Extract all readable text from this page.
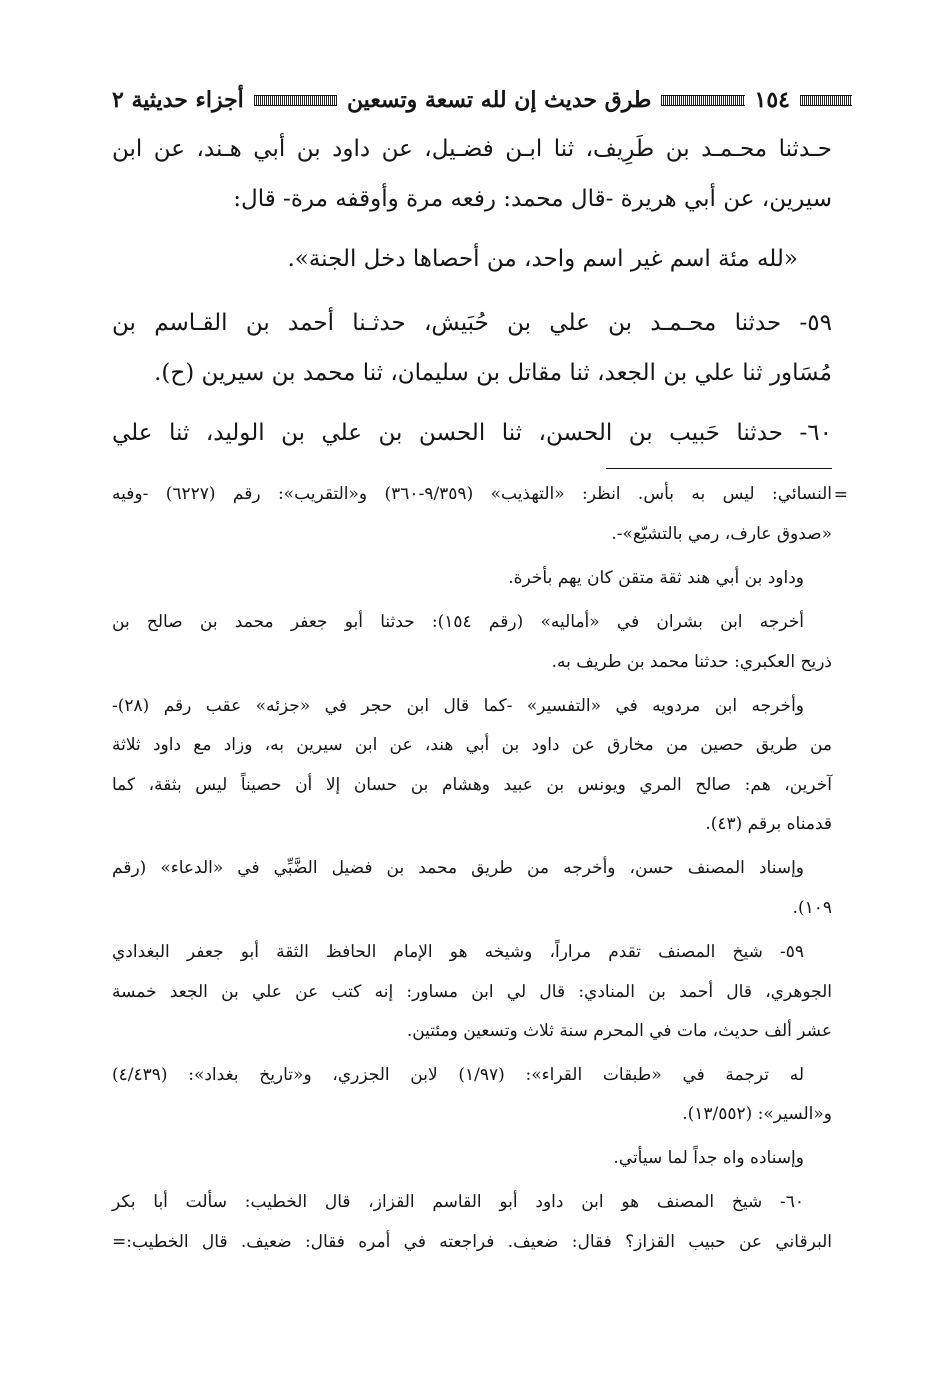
١٥٤
طرق حديث إن لله تسعة وتسعين
أجزاء حديثية ٢
حـدثنا محـمـد بن طَرِيف، ثنا ابـن فضـيل، عن داود بن أبي هـند، عن ابن
سيرين، عن أبي هريرة -قال محمد: رفعه مرة وأوقفه مرة- قال:
«لله مئة اسم غير اسم واحد، من أحصاها دخل الجنة».
٥٩- حدثنا محـمـد بن علي بن حُبَيش، حدثـنا أحمد بن القـاسم بن
مُسَاور ثنا علي بن الجعد، ثنا مقاتل بن سليمان، ثنا محمد بن سيرين (ح).
٦٠- حدثنا حَبيب بن الحسن، ثنا الحسن بن علي بن الوليد، ثنا علي
=
النسائي: ليس به بأس. انظر: «التهذيب» (٩/٣٥٩-٣٦٠) و«التقريب»: رقم (٦٢٢٧) -وفيه
«صدوق عارف، رمي بالتشيّع»-.
وداود بن أبي هند ثقة متقن كان يهم بأخرة.
أخرجه ابن بشران في «أماليه» (رقم ١٥٤): حدثنا أبو جعفر محمد بن صالح بن
ذريح العكبري: حدثنا محمد بن طريف به.
وأخرجه ابن مردويه في «التفسير» -كما قال ابن حجر في «جزئه» عقب رقم (٢٨)-
من طريق حصين من مخارق عن داود بن أبي هند، عن ابن سيرين به، وزاد مع داود ثلاثة
آخرين، هم: صالح المري ويونس بن عبيد وهشام بن حسان إلا أن حصيناً ليس بثقة، كما
قدمناه برقم (٤٣).
وإسناد المصنف حسن، وأخرجه من طريق محمد بن فضيل الضَّبِّي في «الدعاء» (رقم
١٠٩).
٥٩- شيخ المصنف تقدم مراراً، وشيخه هو الإمام الحافظ الثقة أبو جعفر البغدادي
الجوهري، قال أحمد بن المنادي: قال لي ابن مساور: إنه كتب عن علي بن الجعد خمسة
عشر ألف حديث، مات في المحرم سنة ثلاث وتسعين ومئتين.
له ترجمة في «طبقات القراء»: (١/٩٧) لابن الجزري، و«تاريخ بغداد»: (٤/٤٣٩)
و«السير»: (١٣/٥٥٢).
وإسناده واه جداً لما سيأتي.
٦٠- شيخ المصنف هو ابن داود أبو القاسم القزاز، قال الخطيب: سألت أبا بكر
البرقاني عن حبيب القزاز؟ فقال: ضعيف. فراجعته في أمره فقال: ضعيف. قال الخطيب:=
